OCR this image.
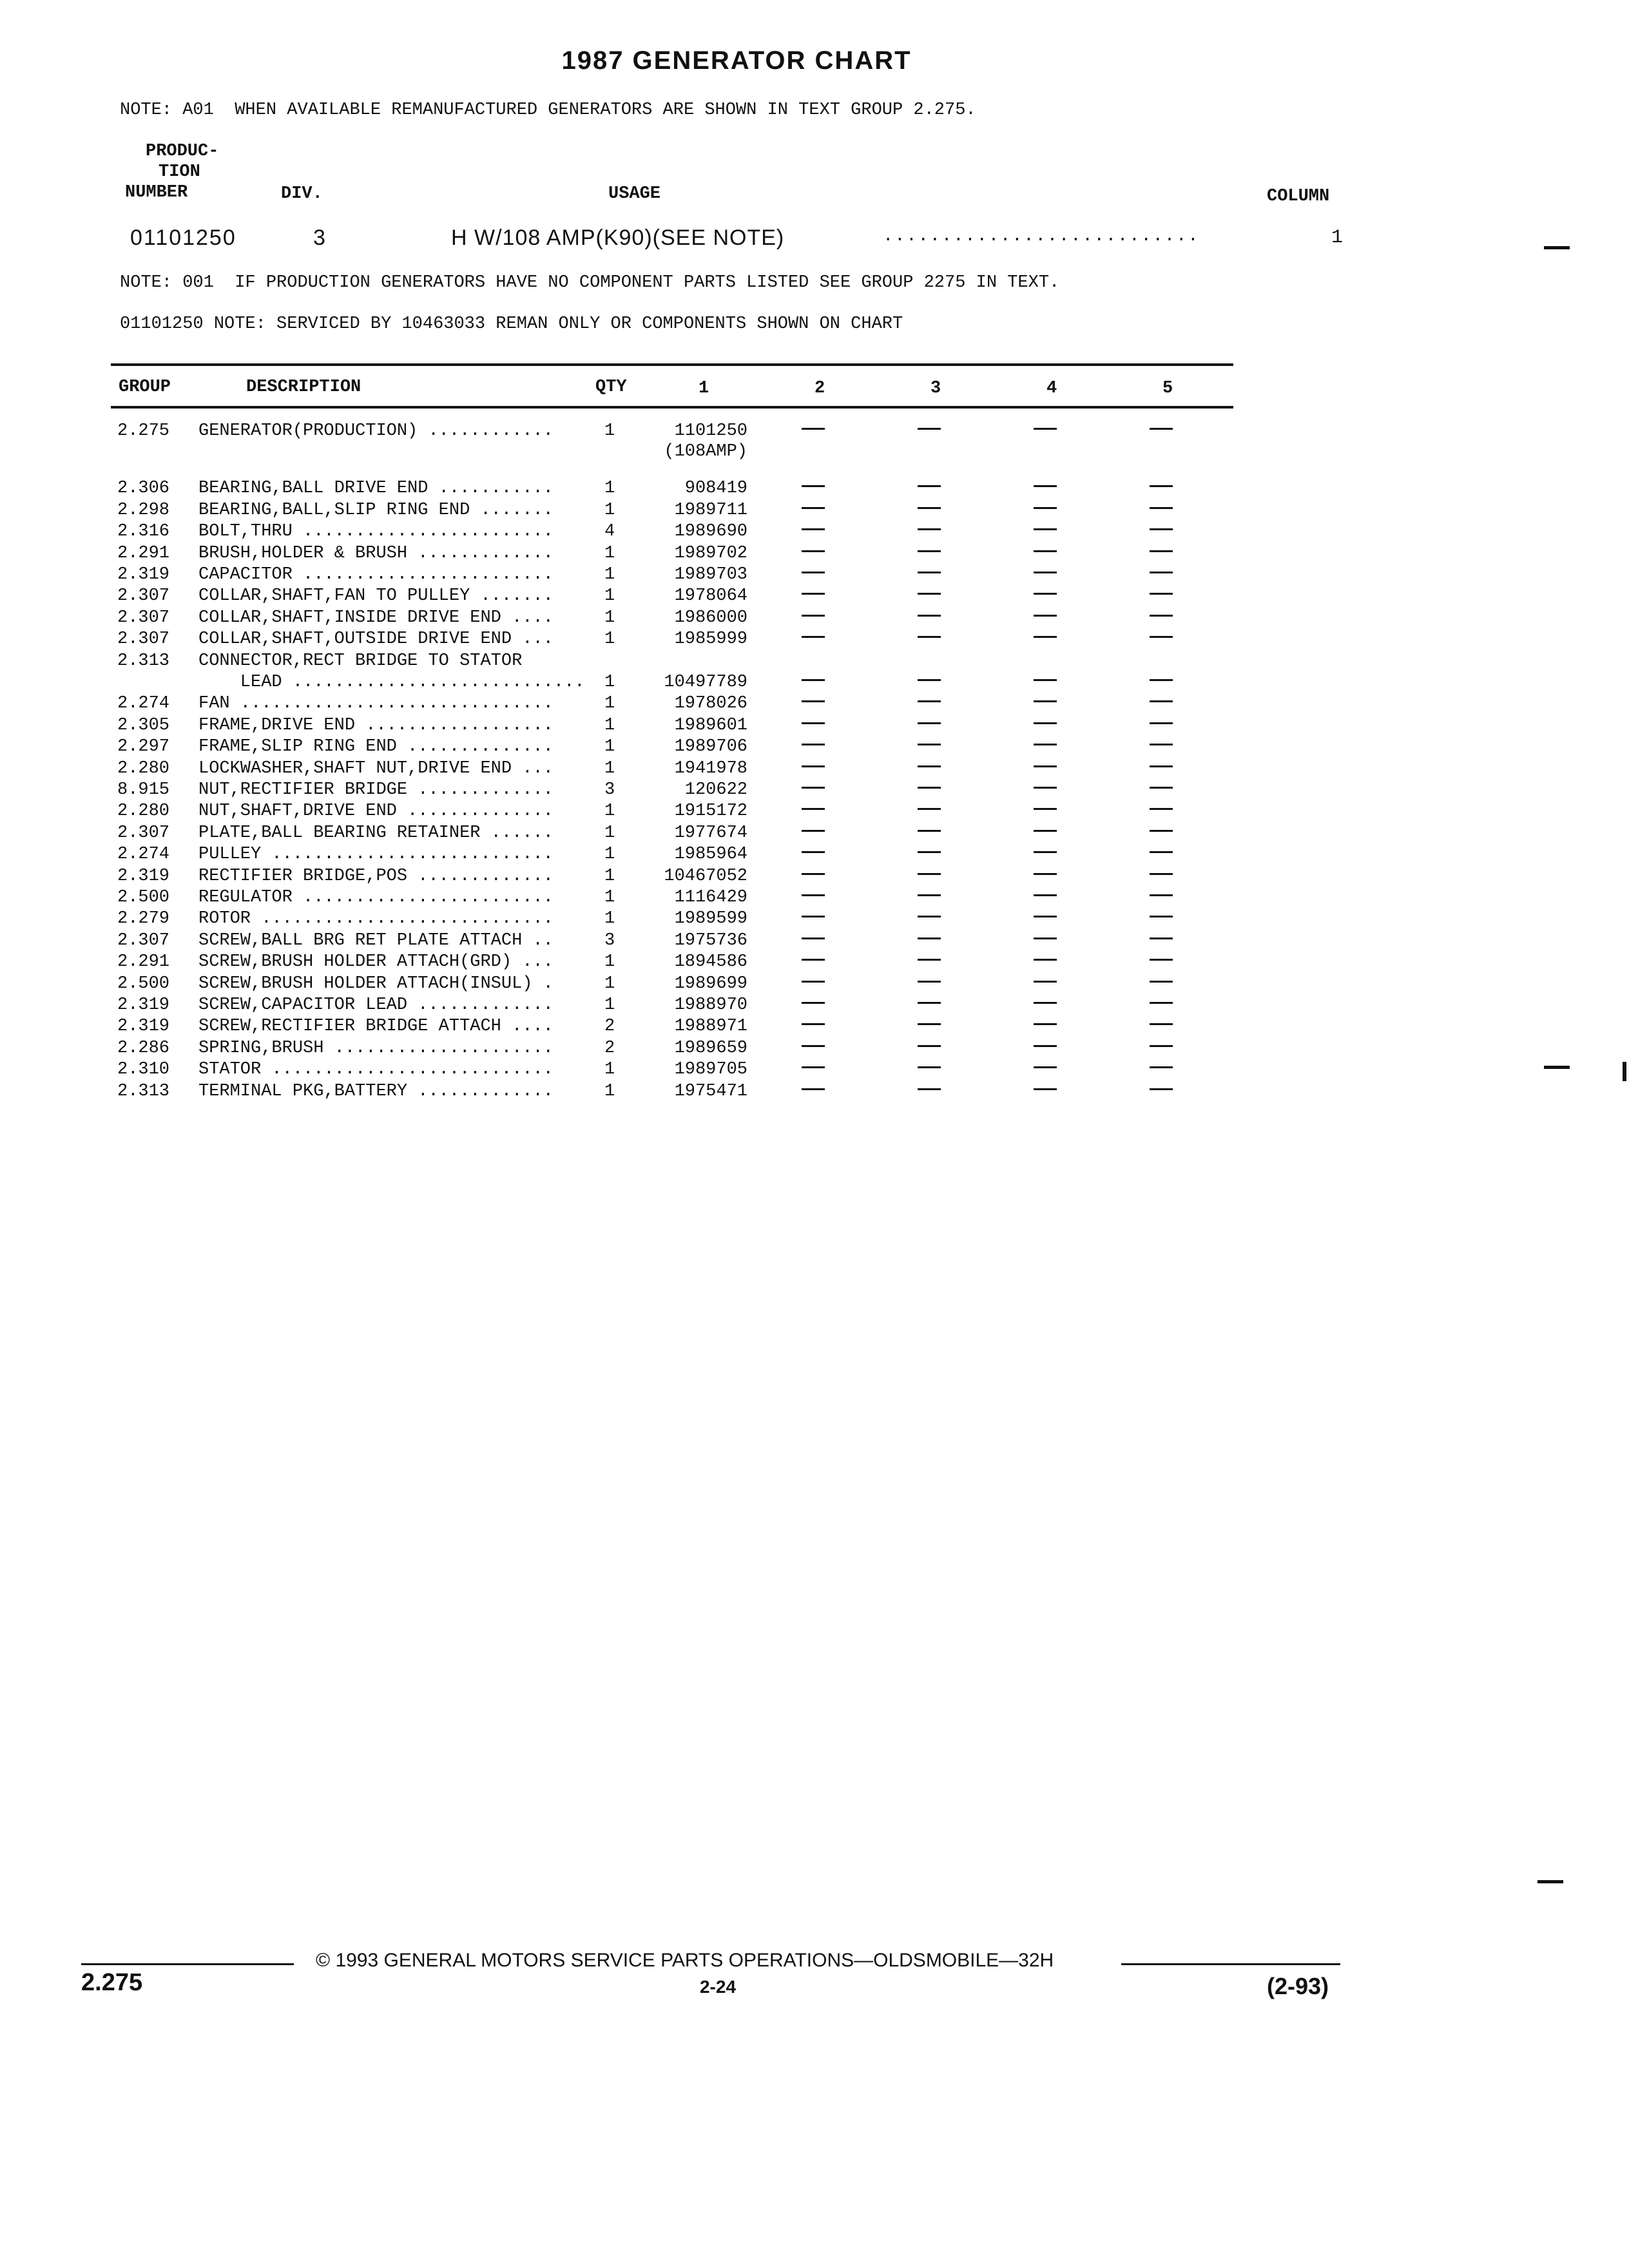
1987 GENERATOR CHART
NOTE: A01  WHEN AVAILABLE REMANUFACTURED GENERATORS ARE SHOWN IN TEXT GROUP 2.275.
PRODUC-
TION
NUMBER	DIV.	USAGE	COLUMN
01101250	3	H W/108 AMP(K90)(SEE NOTE)	...........................	1
NOTE: 001  IF PRODUCTION GENERATORS HAVE NO COMPONENT PARTS LISTED SEE GROUP 2275 IN TEXT.
01101250 NOTE: SERVICED BY 10463033 REMAN ONLY OR COMPONENTS SHOWN ON CHART
GROUP	DESCRIPTION	QTY	1	2	3	4	5
2.275 GENERATOR(PRODUCTION) ............	1	1101250
(108AMP)
2.306 BEARING,BALL DRIVE END ...........	1	908419
2.298 BEARING,BALL,SLIP RING END .......	1	1989711
2.316 BOLT,THRU ........................	4	1989690
2.291 BRUSH,HOLDER & BRUSH .............	1	1989702
2.319 CAPACITOR ........................	1	1989703
2.307 COLLAR,SHAFT,FAN TO PULLEY .......	1	1978064
2.307 COLLAR,SHAFT,INSIDE DRIVE END ....	1	1986000
2.307 COLLAR,SHAFT,OUTSIDE DRIVE END ...	1	1985999
2.313 CONNECTOR,RECT BRIDGE TO STATOR
LEAD ............................ 1	10497789
2.274 FAN ..............................	1	1978026
2.305 FRAME,DRIVE END ..................	1	1989601
2.297 FRAME,SLIP RING END ..............	1	1989706
2.280 LOCKWASHER,SHAFT NUT,DRIVE END ...	1	1941978
8.915 NUT,RECTIFIER BRIDGE .............	3	120622
2.280 NUT,SHAFT,DRIVE END ..............	1	1915172
2.307 PLATE,BALL BEARING RETAINER ......	1	1977674
2.274 PULLEY ...........................	1	1985964
2.319 RECTIFIER BRIDGE,POS .............	1	10467052
2.500 REGULATOR ........................	1	1116429
2.279 ROTOR ............................	1	1989599
2.307 SCREW,BALL BRG RET PLATE ATTACH ..	3	1975736
2.291 SCREW,BRUSH HOLDER ATTACH(GRD) ...	1	1894586
2.500 SCREW,BRUSH HOLDER ATTACH(INSUL) .	1	1989699
2.319 SCREW,CAPACITOR LEAD .............	1	1988970
2.319 SCREW,RECTIFIER BRIDGE ATTACH ....	2	1988971
2.286 SPRING,BRUSH .....................	2	1989659
2.310 STATOR ...........................	1	1989705
2.313 TERMINAL PKG,BATTERY .............	1	1975471
© 1993 GENERAL MOTORS SERVICE PARTS OPERATIONS—OLDSMOBILE—32H
2-24
2.275	(2-93)
